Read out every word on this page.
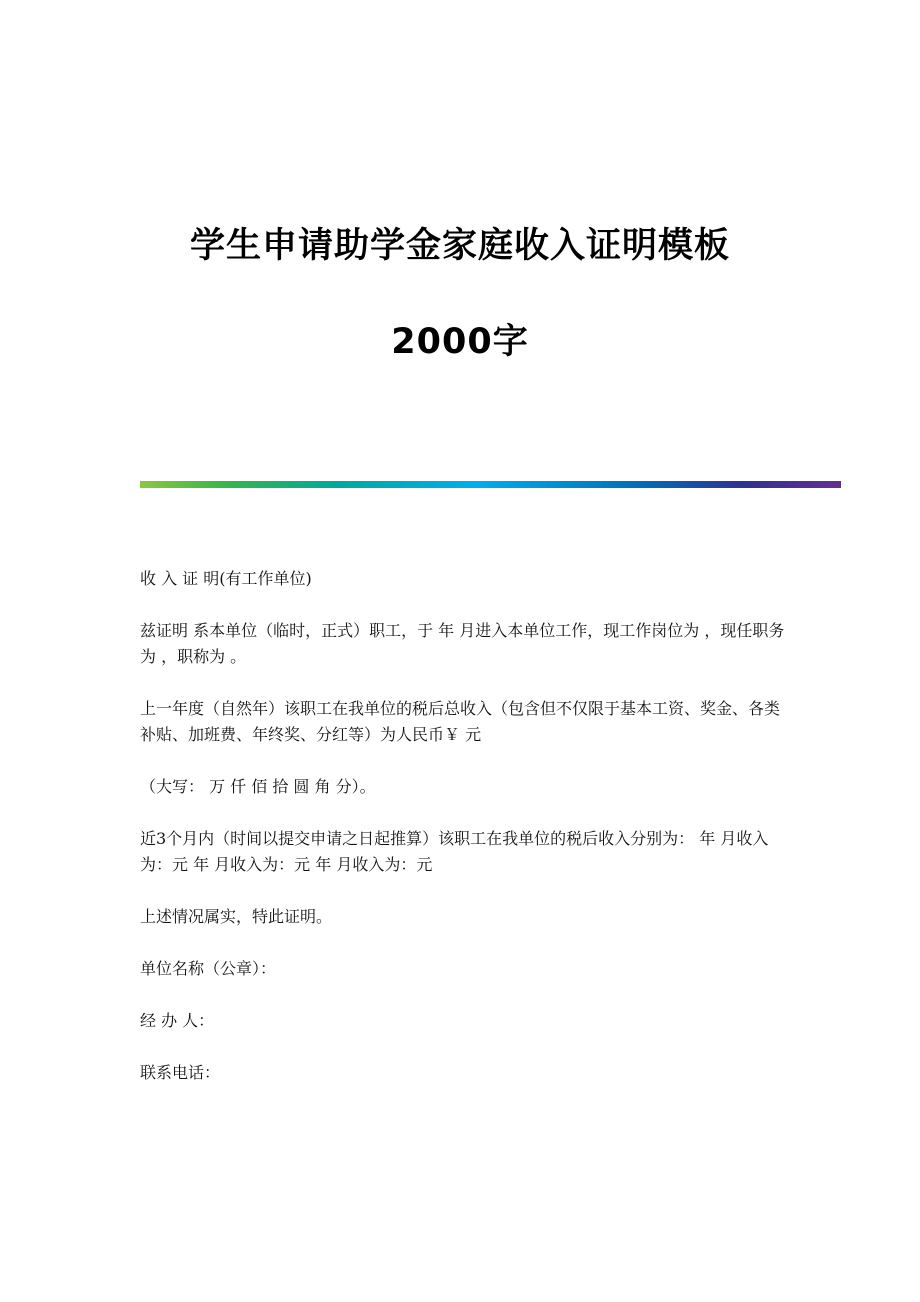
学生申请助学金家庭收入证明模板
2000字

收 入 证 明(有工作单位)

兹证明 系本单位（临时，正式）职工，于 年 月进入本单位工作，现工作岗位为 ，现任职务为 ，职称为 。

上一年度（自然年）该职工在我单位的税后总收入（包含但不仅限于基本工资、奖金、各类补贴、加班费、年终奖、分红等）为人民币￥ 元

（大写： 万 仟 佰 拾 圆 角 分）。

近3个月内（时间以提交申请之日起推算）该职工在我单位的税后收入分别为： 年 月收入为：元 年 月收入为：元 年 月收入为：元

上述情况属实，特此证明。

单位名称（公章）：

经 办 人：

联系电话：
